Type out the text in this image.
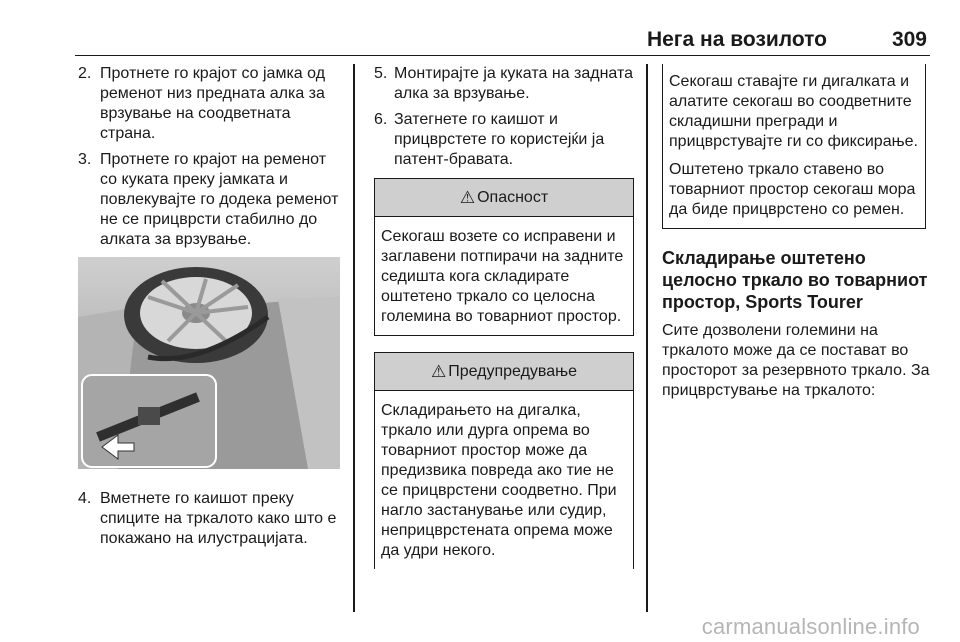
Нега на возилото	309
2. Протнете го крајот со јамка од ременот низ предната алка за врзување на соодветната страна.
3. Протнете го крајот на ременот со куката преку јамката и повлекувајте го додека ременот не се прицврсти стабилно до алката за врзување.
4. Вметнете го каишот преку спиците на тркалото како што е покажано на илустрацијата.
5. Монтирајте ја куката на задната алка за врзување.
6. Затегнете го каишот и прицврстете го користејќи ја патент-бравата.
⚠ Опасност
Секогаш возете со исправени и заглавени потпирачи на задните седишта кога складирате оштетено тркало со целосна големина во товарниот простор.
⚠ Предупредување
Складирањето на дигалка, тркало или дурга опрема во товарниот простор може да предизвика повреда ако тие не се прицврстени соодветно. При нагло застанување или судир, неприцврстената опрема може да удри некого.

Секогаш ставајте ги дигалката и алатите секогаш во соодветните складишни прегради и прицврстувајте ги со фиксирање.

Оштетено тркало ставено во товарниот простор секогаш мора да биде прицврстено со ремен.

Складирање оштетено целосно тркало во товарниот простор, Sports Tourer

Сите дозволени големини на тркалото може да се постават во просторот за резервното тркало. За прицврстување на тркалото:

carmanualsonline.info
